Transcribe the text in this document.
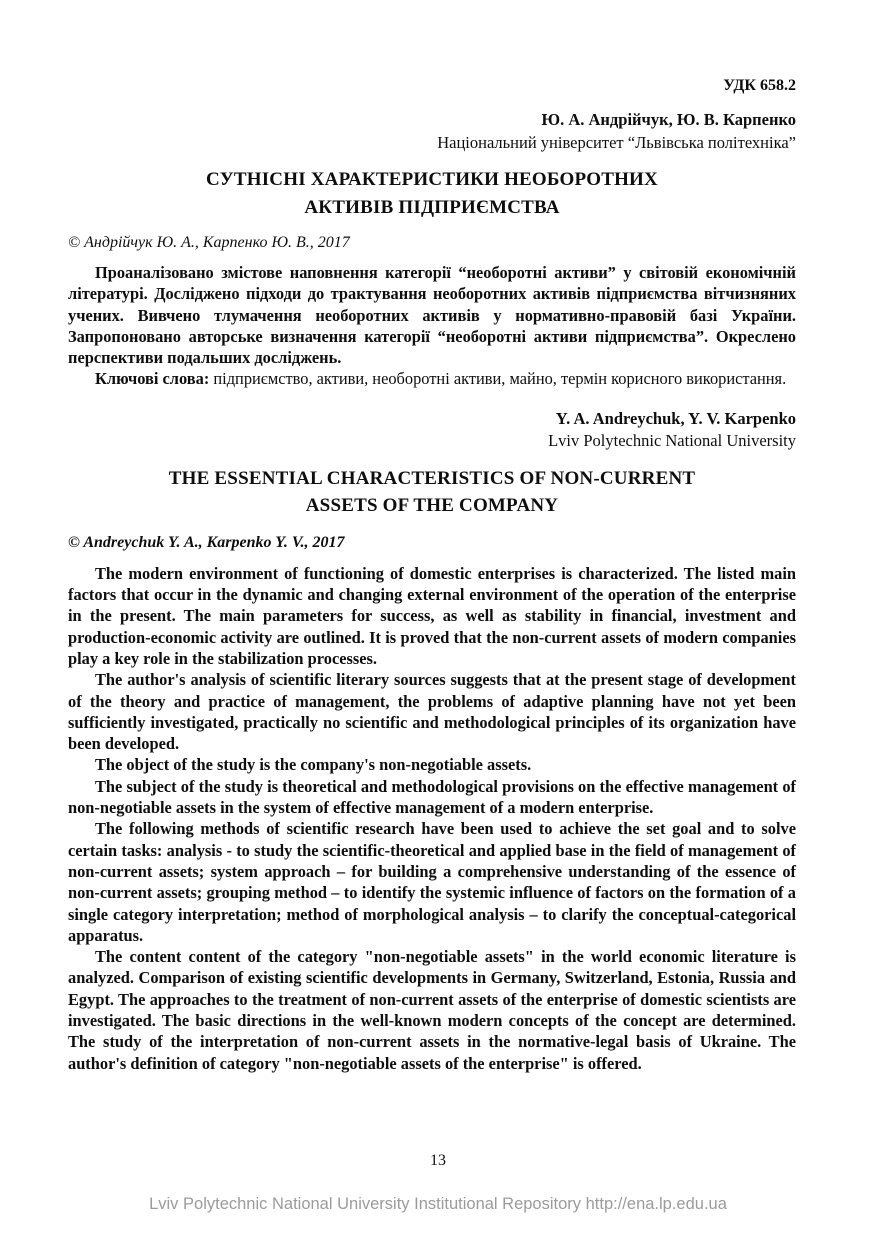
УДК 658.2
Ю. А. Андрійчук, Ю. В. Карпенко
Національний університет “Львівська політехніка”
СУТНІСНІ ХАРАКТЕРИСТИКИ НЕОБОРОТНИХ
АКТИВІВ ПІДПРИЄМСТВА
© Андрійчук Ю. А., Карпенко Ю. В., 2017

Проаналізовано змістове наповнення категорії “необоротні активи” у світовій економічній літературі. Досліджено підходи до трактування необоротних активів підприємства вітчизняних учених. Вивчено тлумачення необоротних активів у нормативно-правовій базі України. Запропоновано авторське визначення категорії “необоротні активи підприємства”. Окреслено перспективи подальших досліджень.

Ключові слова: підприємство, активи, необоротні активи, майно, термін корисного використання.

Y. A. Andreychuk, Y. V. Karpenko
Lviv Polytechnic National University
THE ESSENTIAL CHARACTERISTICS OF NON-CURRENT
ASSETS OF THE COMPANY
© Andreychuk Y. A., Karpenko Y. V., 2017

The modern environment of functioning of domestic enterprises is characterized. The listed main factors that occur in the dynamic and changing external environment of the operation of the enterprise in the present. The main parameters for success, as well as stability in financial, investment and production-economic activity are outlined. It is proved that the non-current assets of modern companies play a key role in the stabilization processes.

The author's analysis of scientific literary sources suggests that at the present stage of development of the theory and practice of management, the problems of adaptive planning have not yet been sufficiently investigated, practically no scientific and methodological principles of its organization have been developed.

The object of the study is the company's non-negotiable assets.

The subject of the study is theoretical and methodological provisions on the effective management of non-negotiable assets in the system of effective management of a modern enterprise.

The following methods of scientific research have been used to achieve the set goal and to solve certain tasks: analysis - to study the scientific-theoretical and applied base in the field of management of non-current assets; system approach – for building a comprehensive understanding of the essence of non-current assets; grouping method – to identify the systemic influence of factors on the formation of a single category interpretation; method of morphological analysis – to clarify the conceptual-categorical apparatus.

The content content of the category "non-negotiable assets" in the world economic literature is analyzed. Comparison of existing scientific developments in Germany, Switzerland, Estonia, Russia and Egypt. The approaches to the treatment of non-current assets of the enterprise of domestic scientists are investigated. The basic directions in the well-known modern concepts of the concept are determined. The study of the interpretation of non-current assets in the normative-legal basis of Ukraine. The author's definition of category "non-negotiable assets of the enterprise" is offered.

13
Lviv Polytechnic National University Institutional Repository http://ena.lp.edu.ua
